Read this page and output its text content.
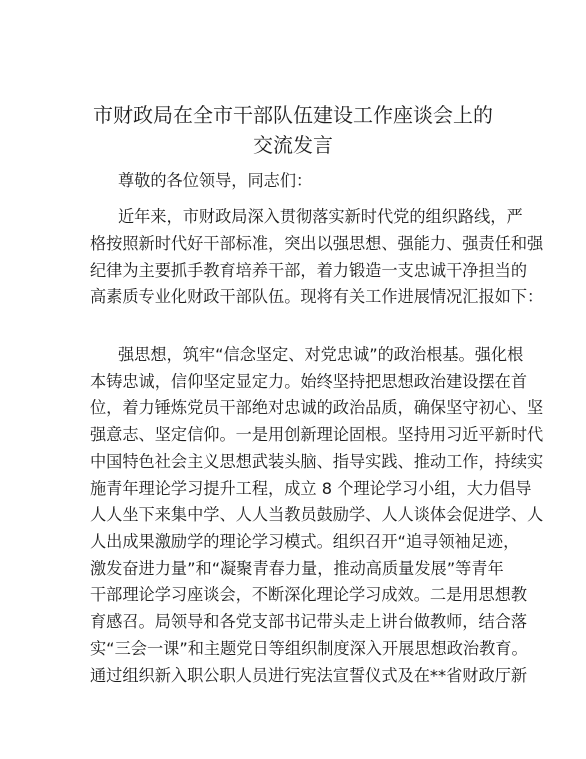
市财政局在全市干部队伍建设工作座谈会上的
交流发言
尊敬的各位领导，同志们：
近年来，市财政局深入贯彻落实新时代党的组织路线，严
格按照新时代好干部标准，突出以强思想、强能力、强责任和强
纪律为主要抓手教育培养干部，着力锻造一支忠诚干净担当的
高素质专业化财政干部队伍。现将有关工作进展情况汇报如下：
强思想，筑牢“信念坚定、对党忠诚”的政治根基。强化根
本铸忠诚，信仰坚定显定力。始终坚持把思想政治建设摆在首
位，着力锤炼党员干部绝对忠诚的政治品质，确保坚守初心、坚
强意志、坚定信仰。一是用创新理论固根。坚持用习近平新时代
中国特色社会主义思想武装头脑、指导实践、推动工作，持续实
施青年理论学习提升工程，成立 8 个理论学习小组，大力倡导
人人坐下来集中学、人人当教员鼓励学、人人谈体会促进学、人
人出成果激励学的理论学习模式。组织召开“追寻领袖足迹，
激发奋进力量”和“凝聚青春力量，推动高质量发展”等青年
干部理论学习座谈会，不断深化理论学习成效。二是用思想教
育感召。局领导和各党支部书记带头走上讲台做教师，结合落
实“三会一课”和主题党日等组织制度深入开展思想政治教育。
通过组织新入职公职人员进行宪法宣誓仪式及在**省财政厅新
